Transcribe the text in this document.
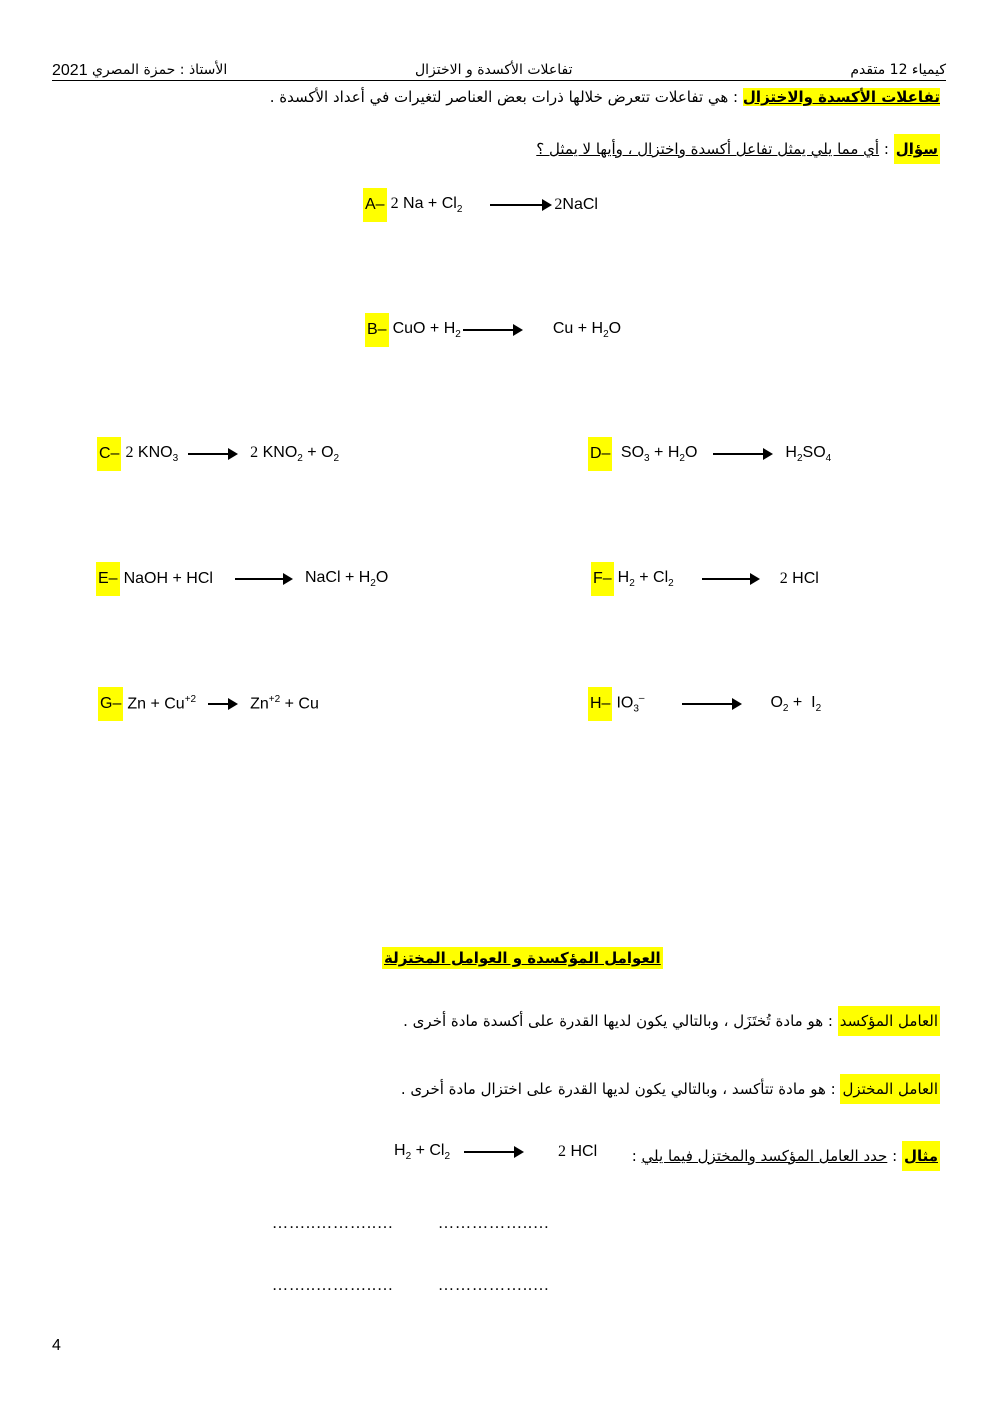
2021 الأستاذ : حمزة المصري	تفاعلات الأكسدة و الاختزال	كيمياء 12 متقدم
تفاعلات الأكسدة والاختزال : هي تفاعلات تتعرض خلالها ذرات بعض العناصر لتغيرات في أعداد الأكسدة .
سؤال : أي مما يلي يمثل تفاعل أكسدة واختزال ، وأيها لا يمثل ؟
A– 2 $Na + Cl_2$ → 2NaCl
B– CuO + $H_2 \to Cu + H_2O$
C– 2 $KNO_3 \to 2$ $KNO_2 + O_2$	D– $SO_3 + H_2O \to H_2SO_4$
E– NaOH + HCl → NaCl + $H_2O$	F– $H_2 + Cl_2 \to 2$ HCl
G– $Zn + Cu^{+2} \to Zn^{+2} + Cu$	H– $IO_3^-$	$O_2 + I_2$
العوامل المؤكسدة و العوامل المختزلة
العامل المؤكسد : هو مادة تُختَزَل ، وبالتالي يكون لديها القدرة على أكسدة مادة أخرى .
العامل المختزل : هو مادة تتأكسد ، وبالتالي يكون لديها القدرة على اختزال مادة أخرى .
مثال : حدد العامل المؤكسد والمختزل فيما يلي :
$H_2 + Cl_2 \to 2$ HCl
……..………..…	……………..…
……..………..…	……………..…
4
